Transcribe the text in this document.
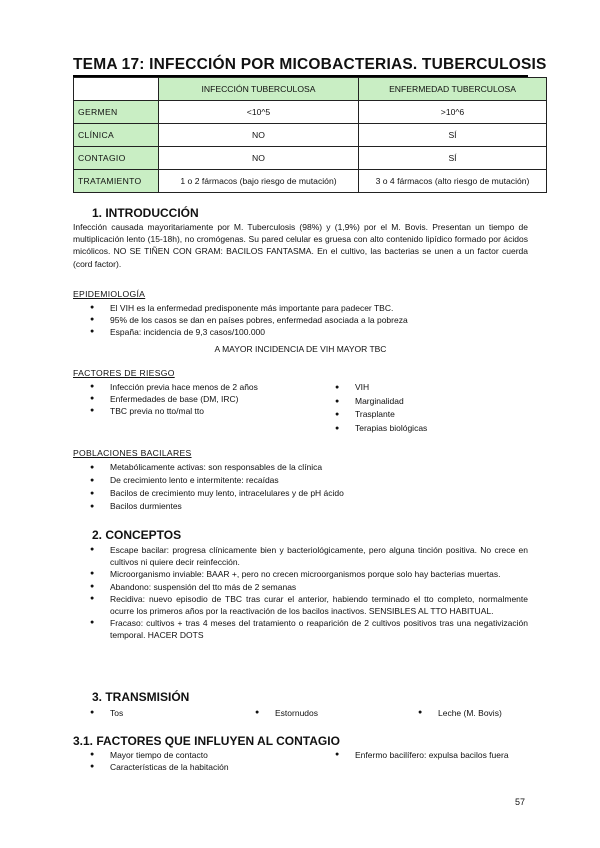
TEMA 17: INFECCIÓN POR MICOBACTERIAS. TUBERCULOSIS
	INFECCIÓN TUBERCULOSA	ENFERMEDAD TUBERCULOSA
GERMEN	<10^5	>10^6
CLÍNICA	NO	SÍ
CONTAGIO	NO	SÍ
TRATAMIENTO	1 o 2 fármacos (bajo riesgo de mutación)	3 o 4 fármacos (alto riesgo de mutación)
1. INTRODUCCIÓN
Infección causada mayoritariamente por M. Tuberculosis (98%) y (1,9%) por el M. Bovis. Presentan un tiempo de multiplicación lento (15-18h), no cromógenas. Su pared celular es gruesa con alto contenido lipídico formado por ácidos micólicos. NO SE TIÑEN CON GRAM: BACILOS FANTASMA. En el cultivo, las bacterias se unen a un factor cuerda (cord factor).
EPIDEMIOLOGÍA
● El VIH es la enfermedad predisponente más importante para padecer TBC.
● 95% de los casos se dan en países pobres, enfermedad asociada a la pobreza
● España: incidencia de 9,3 casos/100.000
A MAYOR INCIDENCIA DE VIH MAYOR TBC
FACTORES DE RIESGO
● Infección previa hace menos de 2 años
● Enfermedades de base (DM, IRC)
● TBC previa no tto/mal tto
● VIH
● Marginalidad
● Trasplante
● Terapias biológicas
POBLACIONES BACILARES
● Metabólicamente activas: son responsables de la clínica
● De crecimiento lento e intermitente: recaídas
● Bacilos de crecimiento muy lento, intracelulares y de pH ácido
● Bacilos durmientes
2. CONCEPTOS
● Escape bacilar: progresa clínicamente bien y bacteriológicamente, pero alguna tinción positiva. No crece en cultivos ni quiere decir reinfección.
● Microorganismo inviable: BAAR +, pero no crecen microorganismos porque solo hay bacterias muertas.
● Abandono: suspensión del tto más de 2 semanas
● Recidiva: nuevo episodio de TBC tras curar el anterior, habiendo terminado el tto completo, normalmente ocurre los primeros años por la reactivación de los bacilos inactivos. SENSIBLES AL TTO HABITUAL.
● Fracaso: cultivos + tras 4 meses del tratamiento o reaparición de 2 cultivos positivos tras una negativización temporal. HACER DOTS
3. TRANSMISIÓN
● Tos	● Estornudos	● Leche (M. Bovis)
3.1. FACTORES QUE INFLUYEN AL CONTAGIO
● Mayor tiempo de contacto
● Características de la habitación
● Enfermo bacilífero: expulsa bacilos fuera
57
